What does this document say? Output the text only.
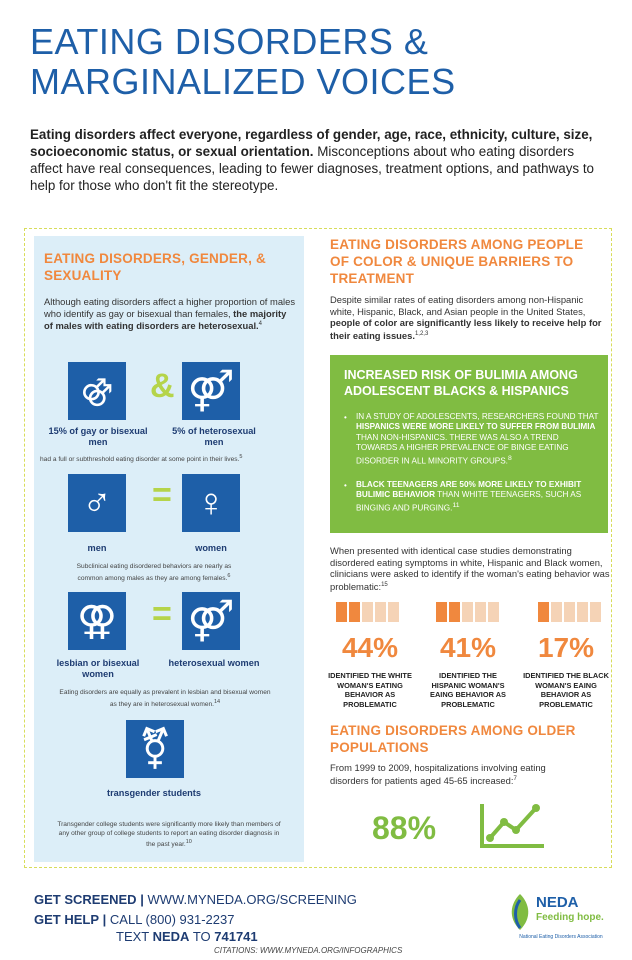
EATING DISORDERS &
MARGINALIZED VOICES
Eating disorders affect everyone, regardless of gender, age, race, ethnicity, culture, size, socioeconomic status, or sexual orientation. Misconceptions about who eating disorders affect have real consequences, leading to fewer diagnoses, treatment options, and pathways to help for those who don't fit the stereotype.
EATING DISORDERS, GENDER, & SEXUALITY
Although eating disorders affect a higher proportion of males who identify as gay or bisexual than females, the majority of males with eating disorders are heterosexual.$^4$
⚣	& ⚤
15% of gay or bisexual men
5% of heterosexual men
had a full or subthreshold eating disorder at some point in their lives.$^5$
♂	= ♀
men	women
Subclinical eating disordered behaviors are nearly as common among males as they are among females.$^6$
⚢ = ⚤
lesbian or bisexual women
heterosexual women
Eating disorders are equally as prevalent in lesbian and bisexual women as they are in heterosexual women.$^{14}$
⚧
transgender students
Transgender college students were significantly more likely than members of any other group of college students to report an eating disorder diagnosis in the past year.$^{10}$
EATING DISORDERS AMONG PEOPLE OF COLOR & UNIQUE BARRIERS TO TREATMENT
Despite similar rates of eating disorders among non-Hispanic white, Hispanic, Black, and Asian people in the United States, people of color are significantly less likely to receive help for their eating issues.$^{1,2,3}$
INCREASED RISK OF BULIMIA AMONG ADOLESCENT BLACKS & HISPANICS
•	IN A STUDY OF ADOLESCENTS, RESEARCHERS FOUND THAT HISPANICS WERE MORE LIKELY TO SUFFER FROM BULIMIA THAN NON-HISPANICS. THERE WAS ALSO A TREND TOWARDS A HIGHER PREVALENCE OF BINGE EATING DISORDER IN ALL MINORITY GROUPS.$^8$
•	BLACK TEENAGERS ARE 50% MORE LIKELY TO EXHIBIT BULIMIC BEHAVIOR THAN WHITE TEENAGERS, SUCH AS BINGING AND PURGING.$^{11}$
When presented with identical case studies demonstrating disordered eating symptoms in white, Hispanic and Black women, clinicians were asked to identify if the woman's eating behavior was problematic:$^{15}$
44%
IDENTIFIED THE WHITE WOMAN'S EATING BEHAVIOR AS PROBLEMATIC
41%
IDENTIFIED THE HISPANIC WOMAN'S EAING BEHAVIOR AS PROBLEMATIC
17%
IDENTIFIED THE BLACK WOMAN'S EAING BEHAVIOR AS PROBLEMATIC
EATING DISORDERS AMONG OLDER POPULATIONS
From 1999 to 2009, hospitalizations involving eating disorders for patients aged 45-65 increased:$^7$
88%
GET SCREENED | WWW.MYNEDA.ORG/SCREENING
GET HELP | CALL (800) 931-2237
TEXT NEDA TO 741741
CITATIONS: WWW.MYNEDA.ORG/INFOGRAPHICS
NEDA
Feeding hope.
National Eating Disorders Association
